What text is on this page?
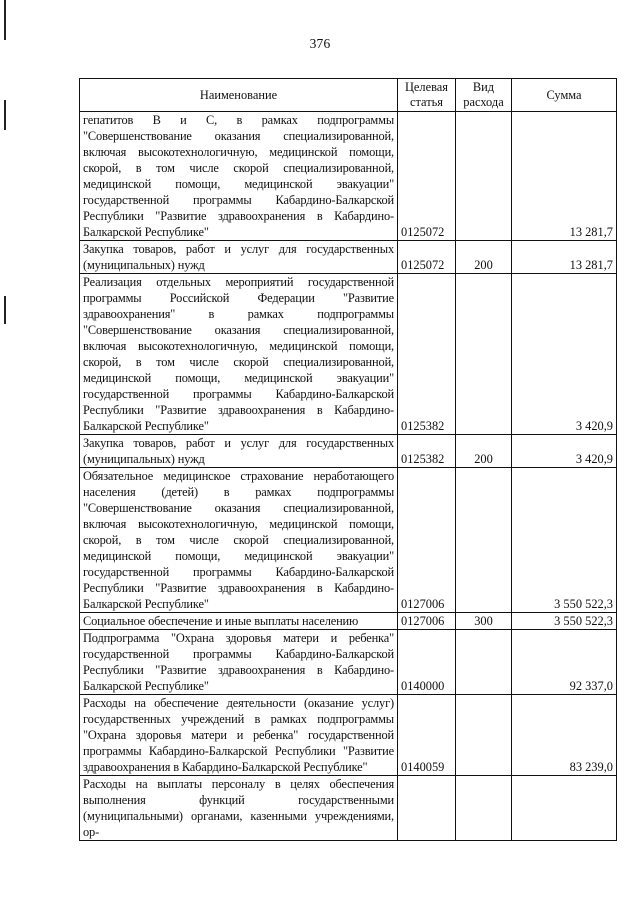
376
Наименование	Целевая статья	Вид расхода	Сумма
гепатитов В и С, в рамках подпрограммы "Совершенствование оказания специализированной, включая высокотехнологичную, медицинской помощи, скорой, в том числе скорой специализированной, медицинской помощи, медицинской эвакуации" государственной программы Кабардино-Балкарской Республики "Развитие здравоохранения в Кабардино-Балкарской Республике"	0125072		13 281,7
Закупка товаров, работ и услуг для государственных (муниципальных) нужд	0125072	200	13 281,7
Реализация отдельных мероприятий государственной программы Российской Федерации "Развитие здравоохранения" в рамках подпрограммы "Совершенствование оказания специализированной, включая высокотехнологичную, медицинской помощи, скорой, в том числе скорой специализированной, медицинской помощи, медицинской эвакуации" государственной программы Кабардино-Балкарской Республики "Развитие здравоохранения в Кабардино-Балкарской Республике"	0125382		3 420,9
Закупка товаров, работ и услуг для государственных (муниципальных) нужд	0125382	200	3 420,9
Обязательное медицинское страхование неработающего населения (детей) в рамках подпрограммы "Совершенствование оказания специализированной, включая высокотехнологичную, медицинской помощи, скорой, в том числе скорой специализированной, медицинской помощи, медицинской эвакуации" государственной программы Кабардино-Балкарской Республики "Развитие здравоохранения в Кабардино-Балкарской Республике"	0127006		3 550 522,3
Социальное обеспечение и иные выплаты населению	0127006	300	3 550 522,3
Подпрограмма "Охрана здоровья матери и ребенка" государственной программы Кабардино-Балкарской Республики "Развитие здравоохранения в Кабардино-Балкарской Республике"	0140000		92 337,0
Расходы на обеспечение деятельности (оказание услуг) государственных учреждений в рамках подпрограммы "Охрана здоровья матери и ребенка" государственной программы Кабардино-Балкарской Республики "Развитие здравоохранения в Кабардино-Балкарской Республике"	0140059		83 239,0
Расходы на выплаты персоналу в целях обеспечения выполнения функций государственными (муниципальными) органами, казенными учреждениями, ор-			
